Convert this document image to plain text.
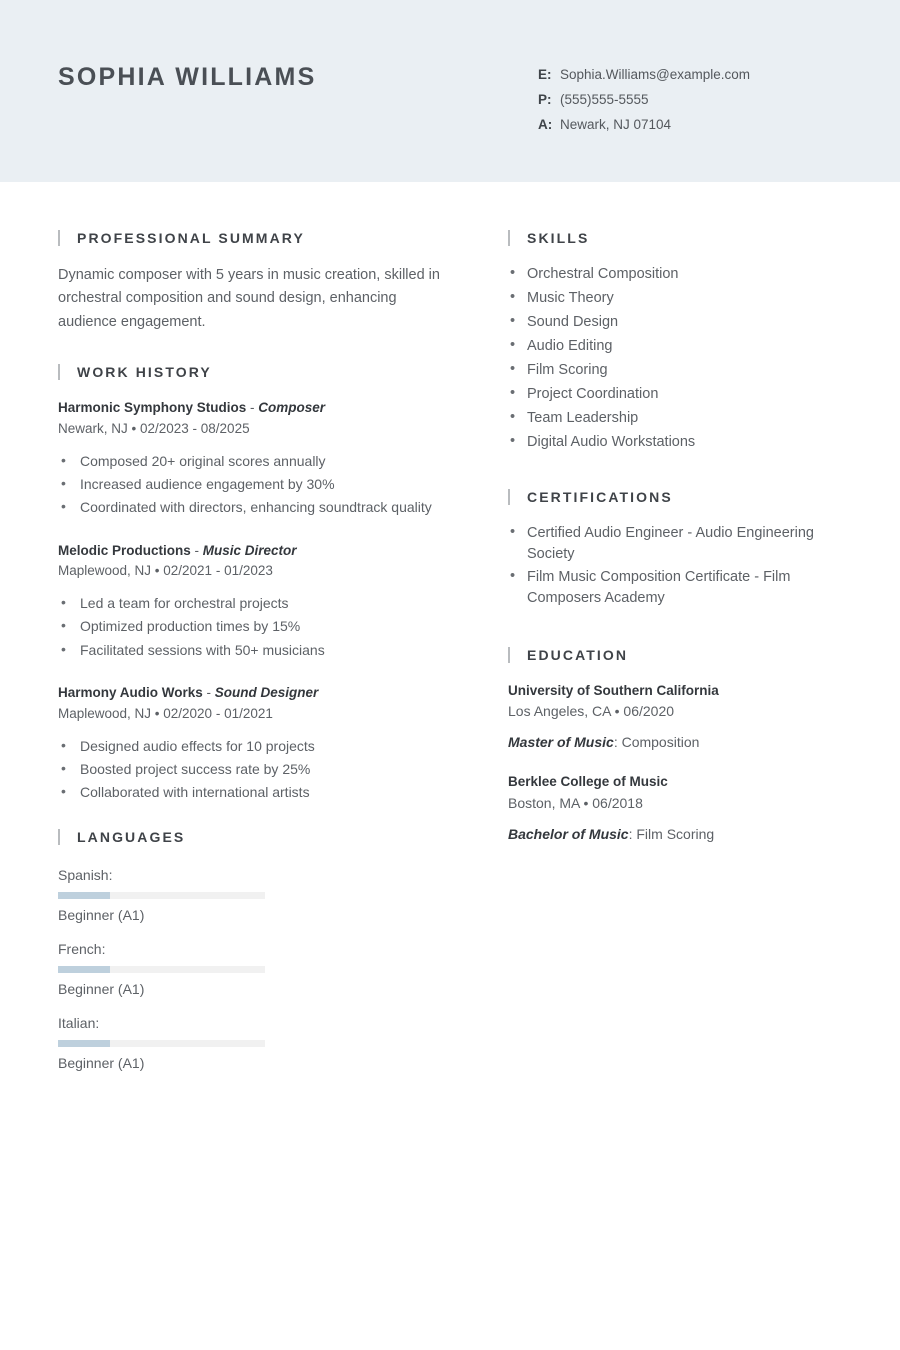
SOPHIA WILLIAMS	E: Sophia.Williams@example.com
P: (555)555-5555
A: Newark, NJ 07104
PROFESSIONAL SUMMARY
Dynamic composer with 5 years in music creation, skilled in orchestral composition and sound design, enhancing audience engagement.
WORK HISTORY
Harmonic Symphony Studios - Composer
Newark, NJ • 02/2023 - 08/2025
• Composed 20+ original scores annually
• Increased audience engagement by 30%
• Coordinated with directors, enhancing soundtrack quality
Melodic Productions - Music Director
Maplewood, NJ • 02/2021 - 01/2023
• Led a team for orchestral projects
• Optimized production times by 15%
• Facilitated sessions with 50+ musicians
Harmony Audio Works - Sound Designer
Maplewood, NJ • 02/2020 - 01/2021
• Designed audio effects for 10 projects
• Boosted project success rate by 25%
• Collaborated with international artists
LANGUAGES
Spanish:
Beginner (A1)
French:
Beginner (A1)
Italian:
Beginner (A1)
SKILLS
• Orchestral Composition
• Music Theory
• Sound Design
• Audio Editing
• Film Scoring
• Project Coordination
• Team Leadership
• Digital Audio Workstations
CERTIFICATIONS
• Certified Audio Engineer - Audio Engineering Society
• Film Music Composition Certificate - Film Composers Academy
EDUCATION
University of Southern California
Los Angeles, CA • 06/2020
Master of Music: Composition
Berklee College of Music
Boston, MA • 06/2018
Bachelor of Music: Film Scoring
